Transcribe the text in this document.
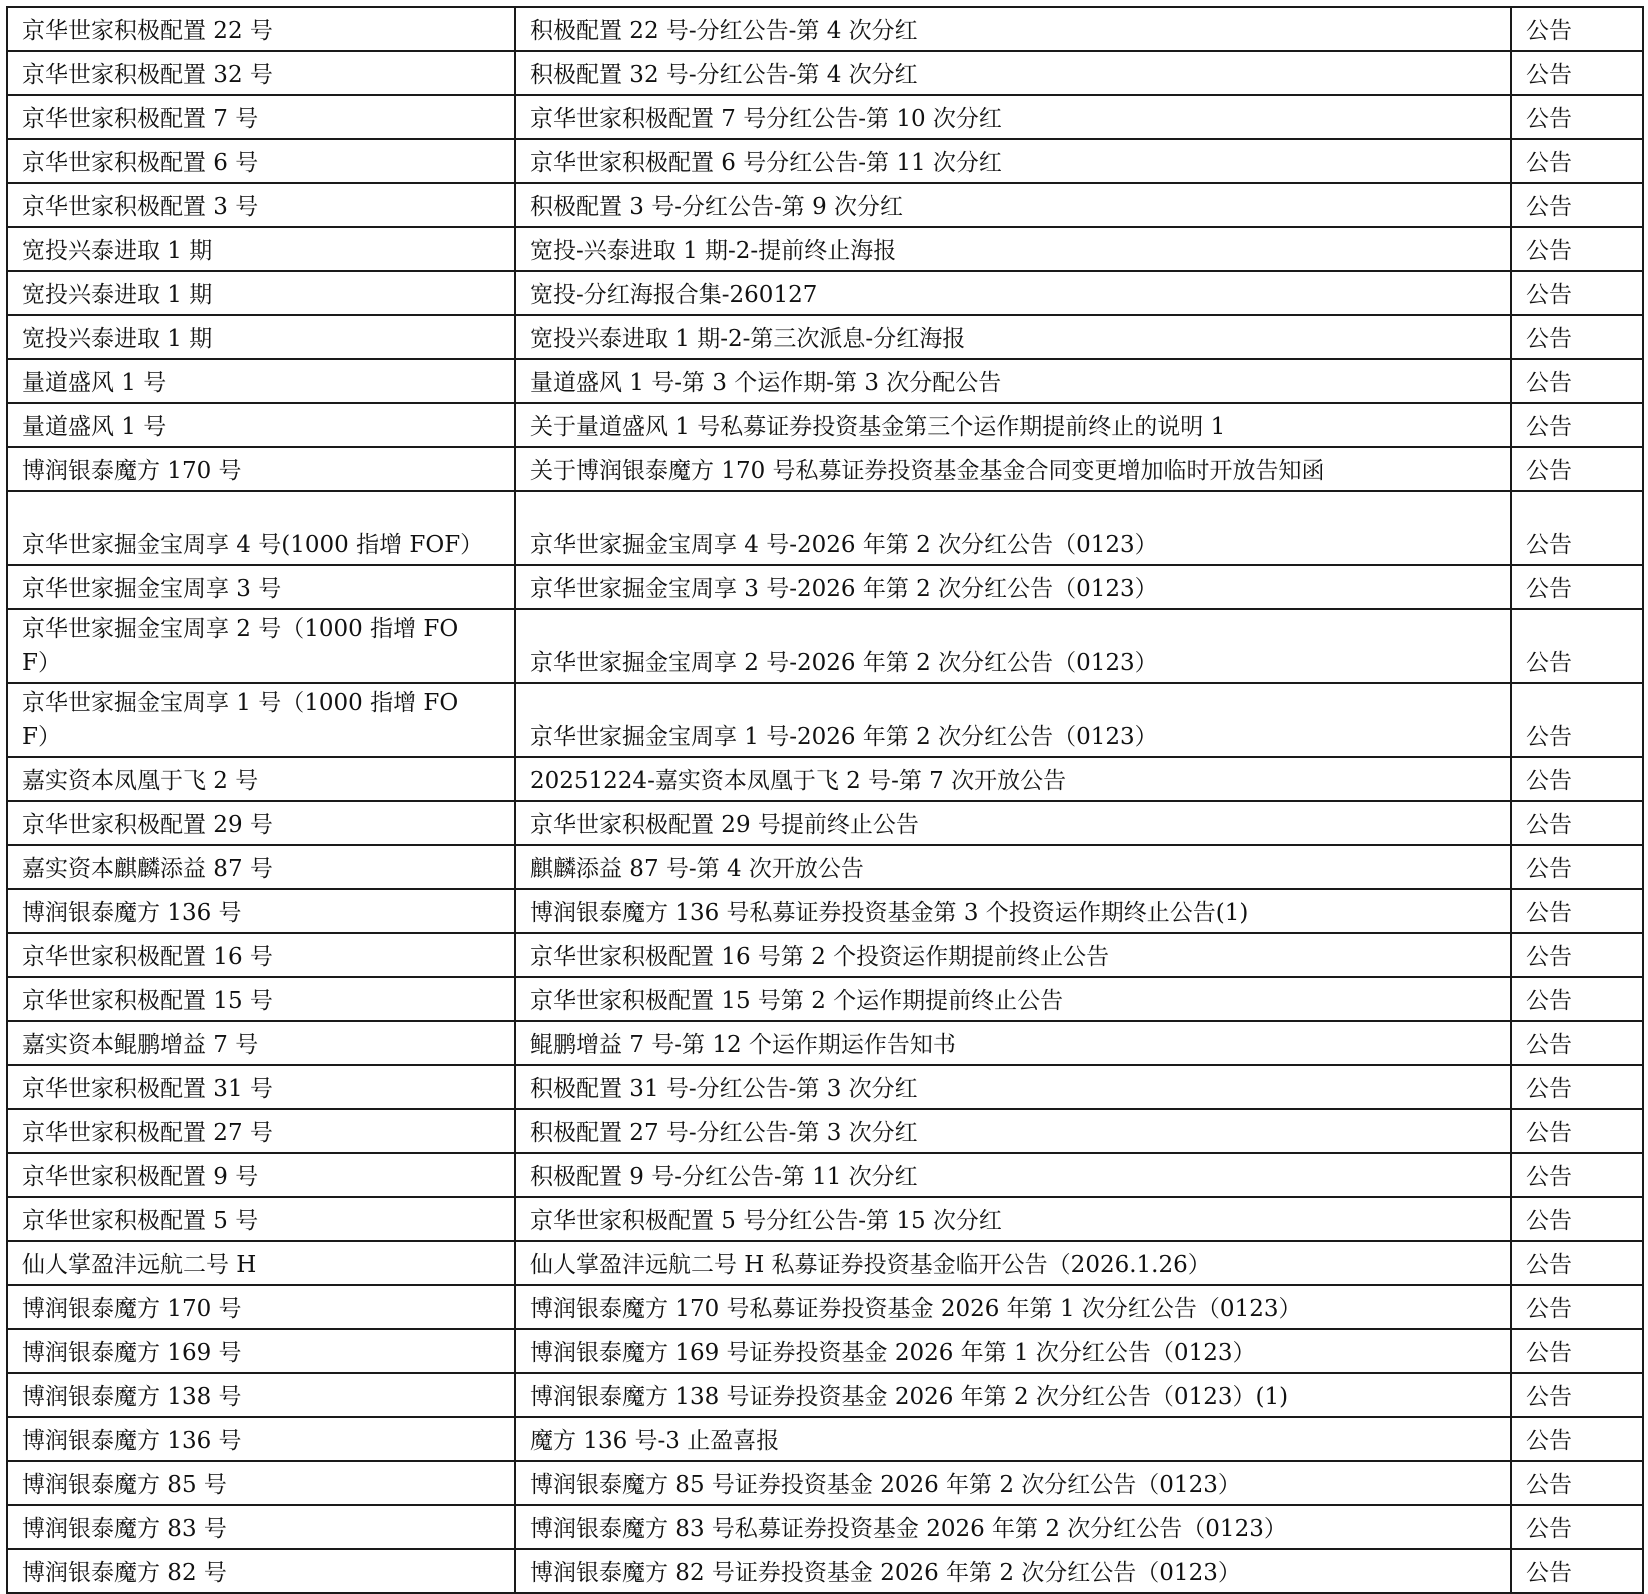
京华世家积极配置 22 号	积极配置 22 号-分红公告-第 4 次分红	公告
京华世家积极配置 32 号	积极配置 32 号-分红公告-第 4 次分红	公告
京华世家积极配置 7 号	京华世家积极配置 7 号分红公告-第 10 次分红	公告
京华世家积极配置 6 号	京华世家积极配置 6 号分红公告-第 11 次分红	公告
京华世家积极配置 3 号	积极配置 3 号-分红公告-第 9 次分红	公告
宽投兴泰进取 1 期	宽投-兴泰进取 1 期-2-提前终止海报	公告
宽投兴泰进取 1 期	宽投-分红海报合集-260127	公告
宽投兴泰进取 1 期	宽投兴泰进取 1 期-2-第三次派息-分红海报	公告
量道盛风 1 号	量道盛风 1 号-第 3 个运作期-第 3 次分配公告	公告
量道盛风 1 号	关于量道盛风 1 号私募证券投资基金第三个运作期提前终止的说明 1	公告
博润银泰魔方 170 号	关于博润银泰魔方 170 号私募证券投资基金基金合同变更增加临时开放告知函	公告
京华世家掘金宝周享 4 号(1000 指增 FOF）	京华世家掘金宝周享 4 号-2026 年第 2 次分红公告（0123）	公告
京华世家掘金宝周享 3 号	京华世家掘金宝周享 3 号-2026 年第 2 次分红公告（0123）	公告
京华世家掘金宝周享 2 号（1000 指增 FOF）	京华世家掘金宝周享 2 号-2026 年第 2 次分红公告（0123）	公告
京华世家掘金宝周享 1 号（1000 指增 FOF）	京华世家掘金宝周享 1 号-2026 年第 2 次分红公告（0123）	公告
嘉实资本凤凰于飞 2 号	20251224-嘉实资本凤凰于飞 2 号-第 7 次开放公告	公告
京华世家积极配置 29 号	京华世家积极配置 29 号提前终止公告	公告
嘉实资本麒麟添益 87 号	麒麟添益 87 号-第 4 次开放公告	公告
博润银泰魔方 136 号	博润银泰魔方 136 号私募证券投资基金第 3 个投资运作期终止公告(1)	公告
京华世家积极配置 16 号	京华世家积极配置 16 号第 2 个投资运作期提前终止公告	公告
京华世家积极配置 15 号	京华世家积极配置 15 号第 2 个运作期提前终止公告	公告
嘉实资本鲲鹏增益 7 号	鲲鹏增益 7 号-第 12 个运作期运作告知书	公告
京华世家积极配置 31 号	积极配置 31 号-分红公告-第 3 次分红	公告
京华世家积极配置 27 号	积极配置 27 号-分红公告-第 3 次分红	公告
京华世家积极配置 9 号	积极配置 9 号-分红公告-第 11 次分红	公告
京华世家积极配置 5 号	京华世家积极配置 5 号分红公告-第 15 次分红	公告
仙人掌盈沣远航二号 H	仙人掌盈沣远航二号 H 私募证券投资基金临开公告（2026.1.26）	公告
博润银泰魔方 170 号	博润银泰魔方 170 号私募证券投资基金 2026 年第 1 次分红公告（0123）	公告
博润银泰魔方 169 号	博润银泰魔方 169 号证券投资基金 2026 年第 1 次分红公告（0123）	公告
博润银泰魔方 138 号	博润银泰魔方 138 号证券投资基金 2026 年第 2 次分红公告（0123）(1)	公告
博润银泰魔方 136 号	魔方 136 号-3 止盈喜报	公告
博润银泰魔方 85 号	博润银泰魔方 85 号证券投资基金 2026 年第 2 次分红公告（0123）	公告
博润银泰魔方 83 号	博润银泰魔方 83 号私募证券投资基金 2026 年第 2 次分红公告（0123）	公告
博润银泰魔方 82 号	博润银泰魔方 82 号证券投资基金 2026 年第 2 次分红公告（0123）	公告
